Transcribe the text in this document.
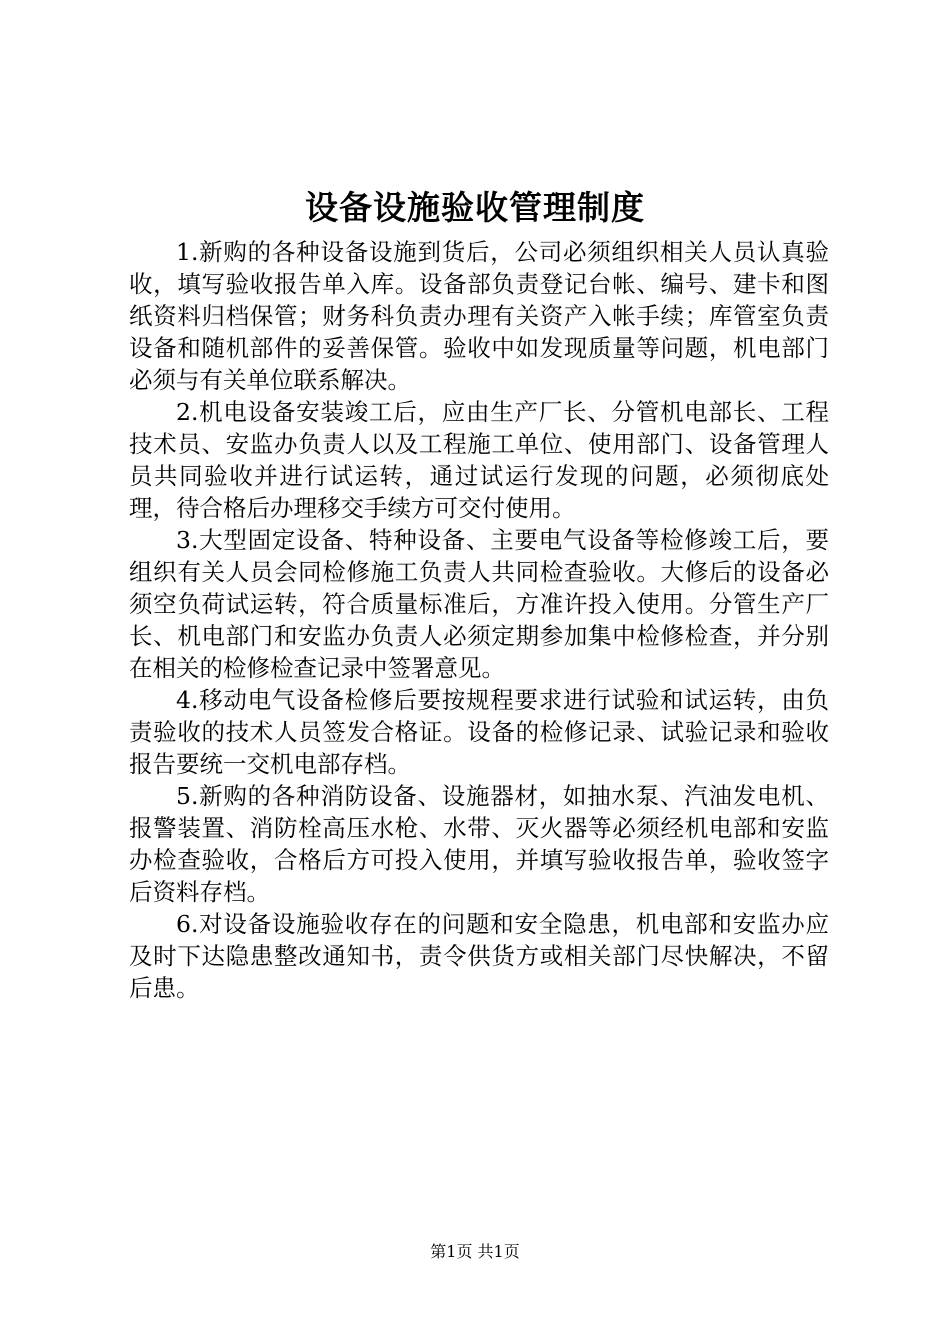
设备设施验收管理制度

1.新购的各种设备设施到货后，公司必须组织相关人员认真验收，填写验收报告单入库。设备部负责登记台帐、编号、建卡和图纸资料归档保管；财务科负责办理有关资产入帐手续；库管室负责设备和随机部件的妥善保管。验收中如发现质量等问题，机电部门必须与有关单位联系解决。

2.机电设备安装竣工后，应由生产厂长、分管机电部长、工程技术员、安监办负责人以及工程施工单位、使用部门、设备管理人员共同验收并进行试运转，通过试运行发现的问题，必须彻底处理，待合格后办理移交手续方可交付使用。

3.大型固定设备、特种设备、主要电气设备等检修竣工后，要组织有关人员会同检修施工负责人共同检查验收。大修后的设备必须空负荷试运转，符合质量标准后，方准许投入使用。分管生产厂长、机电部门和安监办负责人必须定期参加集中检修检查，并分别在相关的检修检查记录中签署意见。

4.移动电气设备检修后要按规程要求进行试验和试运转，由负责验收的技术人员签发合格证。设备的检修记录、试验记录和验收报告要统一交机电部存档。

5.新购的各种消防设备、设施器材，如抽水泵、汽油发电机、报警装置、消防栓高压水枪、水带、灭火器等必须经机电部和安监办检查验收，合格后方可投入使用，并填写验收报告单，验收签字后资料存档。

6.对设备设施验收存在的问题和安全隐患，机电部和安监办应及时下达隐患整改通知书，责令供货方或相关部门尽快解决，不留后患。

第1页 共1页
